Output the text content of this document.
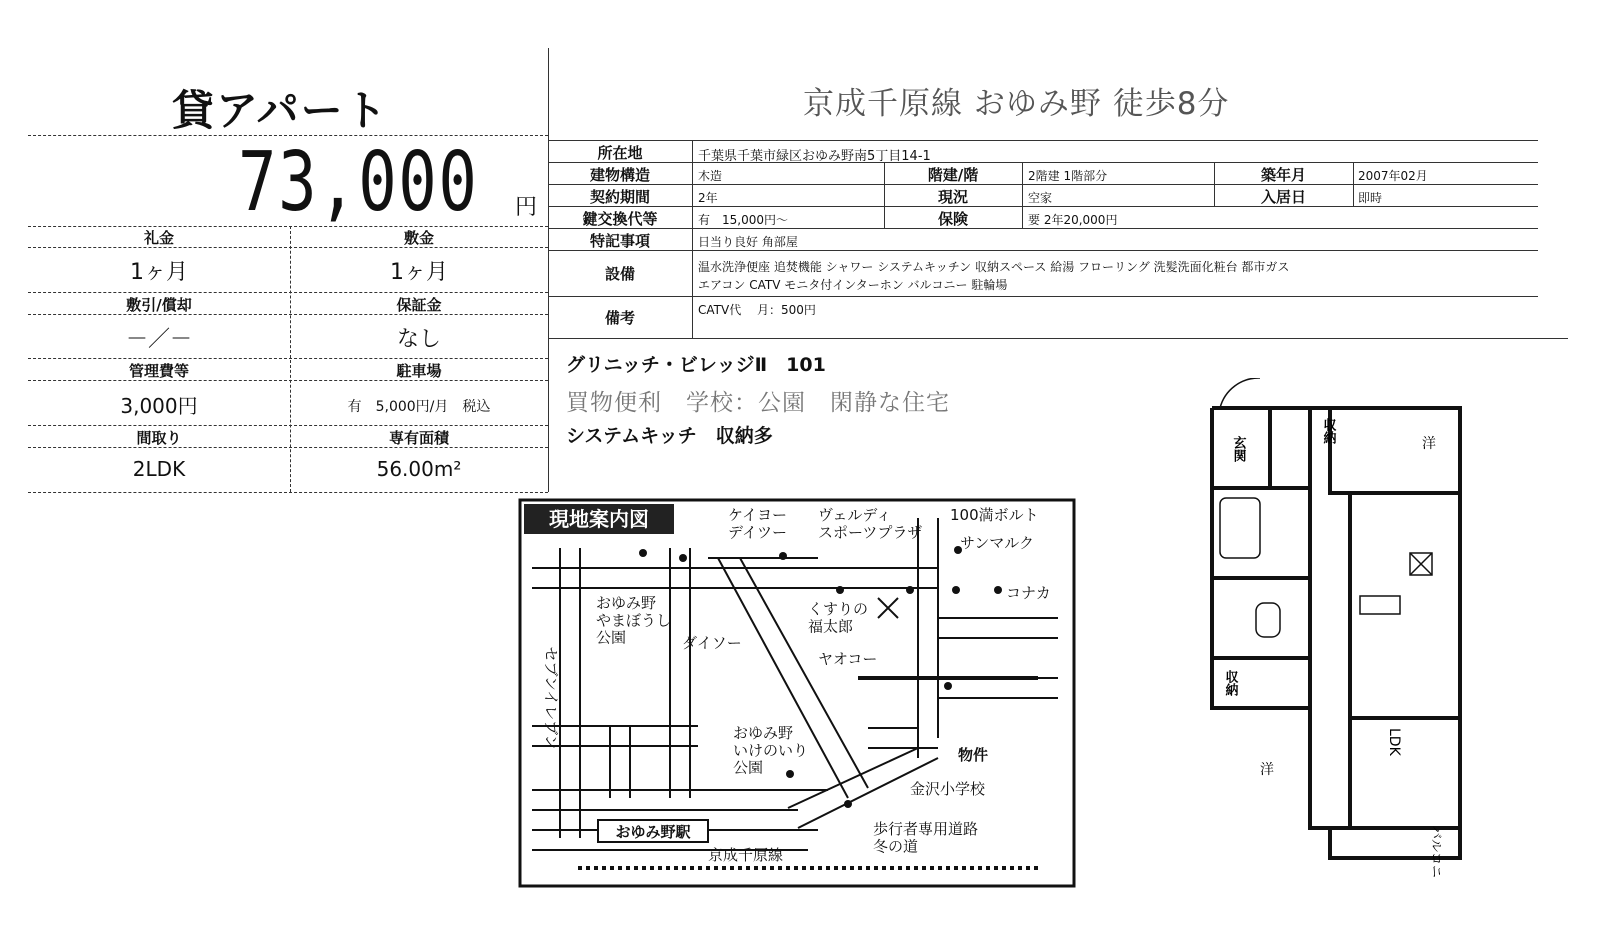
貸アパート
73,000 円
礼金	敷金
1ヶ月	1ヶ月
敷引/償却	保証金
－／－	なし
管理費等	駐車場
3,000円	有　5,000円/月　税込
間取り	専有面積
2LDK	56.00m²
京成千原線 おゆみ野 徒歩8分
所在地	千葉県千葉市緑区おゆみ野南5丁目14-1
建物構造	木造	階建/階	2階建 1階部分	築年月	2007年02月
契約期間	2年	現況	空家	入居日	即時
鍵交換代等	有　15,000円～	保険	要 2年20,000円
特記事項	日当り良好 角部屋
設備	温水洗浄便座 追焚機能 シャワー システムキッチン 収納スペース 給湯 フローリング 洗髪洗面化粧台 都市ガス
エアコン CATV モニタ付インターホン バルコニー 駐輪場
備考	CATV代　 月：500円
グリニッチ・ビレッジⅡ　101
買物便利　学校：公園　閑静な住宅
システムキッチ　収納多
現地案内図
おゆみ野駅
ケイヨーデイツー
ヴェルディスポーツプラザ
100満ボルト
サンマルク
コナカ
おゆみ野やまぼうし公園
セブンイレブン
ダイソー
くすりの福太郎
ヤオコー
物件
おゆみ野いけのいり公園
金沢小学校
歩行者専用道路冬の道
京成千原線
玄関
収納
収納
洋
洋
LDK
バルコニー
